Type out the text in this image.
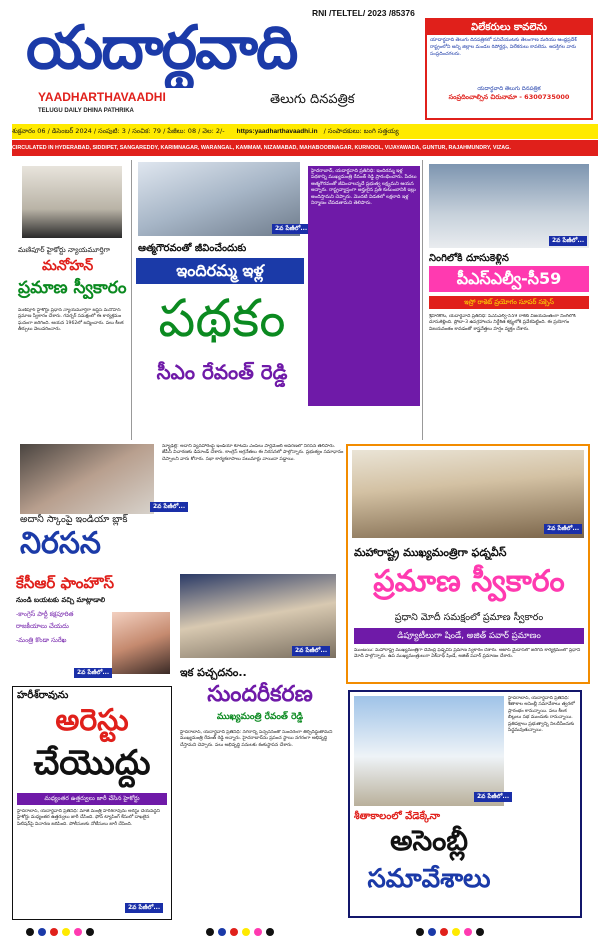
యదార్థవాది
YAADHARTHAVAADHI
TELUGU DAILY DHINA PATHRIKA
తెలుగు దినపత్రిక
RNI /TELTEL/ 2023 /85376
విలేకరులు కావలెను
యాదార్థవాది తెలుగు దినపత్రికలో పనిచేయుటకు తెలంగాణ మరియు ఆంధ్రప్రదేశ్ రాష్ట్రంలోని అన్ని జిల్లాల మండల రిపోర్టర్లు, విలేకరులు కావలెను. ఆసక్తిగల వారు సంప్రదించగలరు.
యదార్థవాది తెలుగు దినపత్రిక
సంప్రదించాల్సిన చిరునామా - 6300735000
శుక్రవారం 06 / డిసెంబర్ 2024 / సంపుటి: 3 / సంచిక: 79 / పేజీలు: 08 / వెల: 2/- https:yaadharthavaadhi.in / సంపాదకులు: బంగి సత్తయ్య
CIRCULATED IN HYDERABAD, SIDDIPET, SANGAREDDY, KARIMNAGAR, WARANGAL, KAMMAM, NIZAMABAD, MAHABOOBNAGAR, KURNOOL, VIJAYAWADA, GUNTUR, RAJAHMUNDRY, VIZAG.
మణిపూర్ హైకోర్టు న్యాయమూర్తిగా
మనోహన్
ప్రమాణ స్వీకారం
మణిపూర్ హైకోర్టు ప్రధాన న్యాయమూర్తిగా జస్టిస్ మనోహన్ ప్రమాణ స్వీకారం చేశారు. గవర్నర్ సమక్షంలో ఈ కార్యక్రమం ఘనంగా జరిగింది. ఆయన 1962లో జన్మించారు. పలు కీలక తీర్పులు వెలువరించారు.
2వ పేజీలో...
ఆత్మగౌరవంతో జీవించేందుకు
ఇందిరమ్మ ఇళ్ల
పథకం
సీఎం రేవంత్ రెడ్డి
హైదరాబాద్, యదార్థవాది ప్రతినిధి: ఇందిరమ్మ ఇళ్ల పథకాన్ని ముఖ్యమంత్రి రేవంత్ రెడ్డి ప్రారంభించారు. పేదలు ఆత్మగౌరవంతో జీవించాలన్నదే ప్రభుత్వ లక్ష్యమని ఆయన అన్నారు. రాష్ట్రవ్యాప్తంగా అర్హులైన ప్రతి కుటుంబానికి ఇల్లు అందిస్తామని చెప్పారు. మొదటి విడతలో లక్షలాది ఇళ్ల నిర్మాణం చేపడతామని తెలిపారు.
2వ పేజీలో...
నింగిలోకి దూసుకెళ్లిన
పీఎస్ఎల్వీ-సీ59
ఇస్రో రాకెట్ ప్రయోగం సూపర్ సక్సెస్
శ్రీహరికోట, యదార్థవాది ప్రతినిధి: పీఎస్ఎల్వీ-సీ59 రాకెట్ విజయవంతంగా నింగిలోకి దూసుకెళ్లింది. ప్రోబా-3 ఉపగ్రహాలను నిర్దేశిత కక్ష్యలోకి ప్రవేశపెట్టింది. ఈ ప్రయోగం విజయవంతం కావడంతో శాస్త్రవేత్తలు హర్షం వ్యక్తం చేశారు.
2వ పేజీలో...
అదానీ స్కాంపై ఇండియా బ్లాక్
నిరసన
న్యూఢిల్లీ: అదానీ వ్యవహారంపై ఇండియా కూటమి ఎంపీలు పార్లమెంట్ ఆవరణలో నిరసన తెలిపారు. జేపీసీ విచారణకు డిమాండ్ చేశారు. కాంగ్రెస్ అగ్రనేతలు ఈ నిరసనలో పాల్గొన్నారు. ప్రభుత్వం సమాధానం చెప్పాలని వారు కోరారు. సభా కార్యకలాపాలు పలుమార్లు వాయిదా పడ్డాయి.
కేసీఆర్ ఫాంహౌస్
నుండి బయటకు వచ్చి మాట్లాడాలి
-కాంగ్రెస్ పార్టీ కక్షపూరిత
రాజకీయాలు చేయదు
-మంత్రి కొండా సురేఖ
2వ పేజీలో...
హరీశ్‌రావును
అరెస్టు
చేయొద్దు
మధ్యంతర ఉత్తర్వులు జారీ చేసిన హైకోర్టు
హైదరాబాద్, యదార్థవాది ప్రతినిధి: మాజీ మంత్రి హరీశ్‌రావును అరెస్టు చేయవద్దని హైకోర్టు మధ్యంతర ఉత్తర్వులు జారీ చేసింది. ఫోన్ ట్యాపింగ్ కేసులో దాఖలైన పిటిషన్‌పై విచారణ జరిపింది. పోలీసులకు నోటీసులు జారీ చేసింది.
2వ పేజీలో...
2వ పేజీలో...
ఇక పచ్చదనం..
సుందరీకరణ
ముఖ్యమంత్రి రేవంత్ రెడ్డి
హైదరాబాద్, యదార్థవాది ప్రతినిధి: నగరాన్ని పచ్చదనంతో సుందరంగా తీర్చిదిద్దుతామని ముఖ్యమంత్రి రేవంత్ రెడ్డి అన్నారు. హైదరాబాద్‌ను ప్రపంచ స్థాయి నగరంగా అభివృద్ధి చేస్తామని చెప్పారు. పలు అభివృద్ధి పనులకు శంకుస్థాపన చేశారు.
2వ పేజీలో...
మహారాష్ట్ర ముఖ్యమంత్రిగా ఫడ్నవీస్
ప్రమాణ స్వీకారం
ప్రధాని మోదీ సమక్షంలో ప్రమాణ స్వీకారం
డిప్యూటీలుగా షిండే, అజిత్ పవార్ ప్రమాణం
ముంబయి: మహారాష్ట్ర ముఖ్యమంత్రిగా దేవేంద్ర ఫడ్నవీస్ ప్రమాణ స్వీకారం చేశారు. ఆజాద్ మైదాన్‌లో జరిగిన కార్యక్రమంలో ప్రధాని మోదీ పాల్గొన్నారు. ఉప ముఖ్యమంత్రులుగా ఏక్‌నాథ్ షిండే, అజిత్ పవార్ ప్రమాణం చేశారు.
2వ పేజీలో...
హైదరాబాద్, యదార్థవాది ప్రతినిధి: శీతాకాల అసెంబ్లీ సమావేశాలు త్వరలో ప్రారంభం కానున్నాయి. పలు కీలక బిల్లులు సభ ముందుకు రానున్నాయి. ప్రతిపక్షాలు ప్రభుత్వాన్ని నిలదీసేందుకు సిద్ధమవుతున్నాయి.
శీతాకాలంలో వేడెక్కేనా
అసెంబ్లీ
సమావేశాలు
